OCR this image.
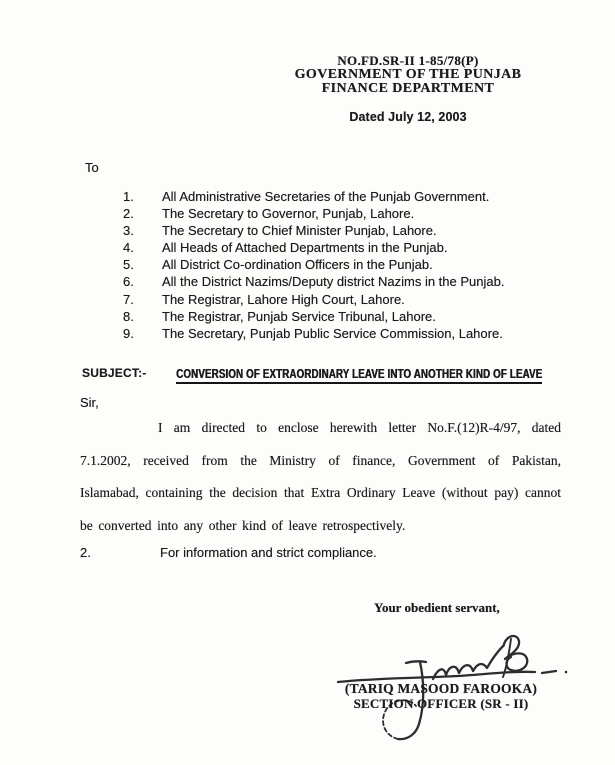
NO.FD.SR-II 1-85/78(P)
GOVERNMENT OF THE PUNJAB
FINANCE DEPARTMENT
Dated July 12, 2003
To
1.	All Administrative Secretaries of the Punjab Government.
2.	The Secretary to Governor, Punjab, Lahore.
3.	The Secretary to Chief Minister Punjab, Lahore.
4.	All Heads of Attached Departments in the Punjab.
5.	All District Co-ordination Officers in the Punjab.
6.	All the District Nazims/Deputy district Nazims in the Punjab.
7.	The Registrar, Lahore High Court, Lahore.
8.	The Registrar, Punjab Service Tribunal, Lahore.
9.	The Secretary, Punjab Public Service Commission, Lahore.
SUBJECT:-	CONVERSION OF EXTRAORDINARY LEAVE INTO ANOTHER KIND OF LEAVE
Sir,
I am directed to enclose herewith letter No.F.(12)R-4/97, dated 7.1.2002, received from the Ministry of finance, Government of Pakistan, Islamabad, containing the decision that Extra Ordinary Leave (without pay) cannot be converted into any other kind of leave retrospectively.
2.	For information and strict compliance.
Your obedient servant,
(TARIQ MASOOD FAROOKA)
SECTION OFFICER (SR - II)
